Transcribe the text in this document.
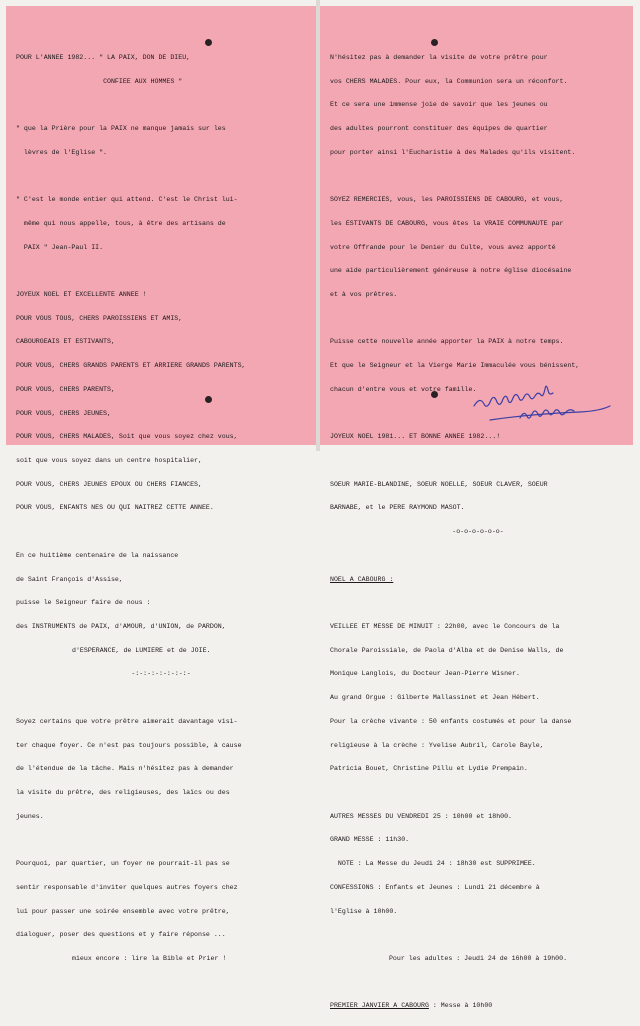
POUR L'ANNEE 1982... " LA PAIX, DON DE DIEU,

CONFIEE AUX HOMMES "

" que la Prière pour la PAIX ne manque jamais sur les

lèvres de l'Eglise ".

" C'est le monde entier qui attend. C'est le Christ lui-

même qui nous appelle, tous, à être des artisans de

PAIX " Jean-Paul II.

JOYEUX NOEL ET EXCELLENTE ANNEE !

POUR VOUS TOUS, CHERS PAROISSIENS ET AMIS,

CABOURGEAIS ET ESTIVANTS,

POUR VOUS, CHERS GRANDS PARENTS ET ARRIERE GRANDS PARENTS,

POUR VOUS, CHERS PARENTS,

POUR VOUS, CHERS JEUNES,

POUR VOUS, CHERS MALADES, Soit que vous soyez chez vous,

soit que vous soyez dans un centre hospitalier,

POUR VOUS, CHERS JEUNES EPOUX OU CHERS FIANCES,

POUR VOUS, ENFANTS NES OU QUI NAITREZ CETTE ANNEE.

En ce huitième centenaire de la naissance

de Saint François d'Assise,

puisse le Seigneur faire de nous :

des INSTRUMENTS de PAIX, d'AMOUR, d'UNION, de PARDON,

d'ESPERANCE, de LUMIERE et de JOIE.

-:-:-:-:-:-:-:-

Soyez certains que votre prêtre aimerait davantage visi-

ter chaque foyer. Ce n'est pas toujours possible, à cause

de l'étendue de la tâche. Mais n'hésitez pas à demander

la visite du prêtre, des religieuses, des laïcs ou des

jeunes.

Pourquoi, par quartier, un foyer ne pourrait-il pas se

sentir responsable d'inviter quelques autres foyers chez

lui pour passer une soirée ensemble avec votre prêtre,

dialoguer, poser des questions et y faire réponse ...

mieux encore : lire la Bible et Prier !

N'hésitez pas à demander la visite de votre prêtre pour

vos CHERS MALADES. Pour eux, la Communion sera un réconfort.

Et ce sera une immense joie de savoir que les jeunes ou

des adultes pourront constituer des équipes de quartier

pour porter ainsi l'Eucharistie à des Malades qu'ils visitent.

SOYEZ REMERCIES, vous, les PAROISSIENS DE CABOURG, et vous,

les ESTIVANTS DE CABOURG, vous êtes la VRAIE COMMUNAUTE par

votre Offrande pour le Denier du Culte, vous avez apporté

une aide particulièrement généreuse à notre église diocésaine

et à vos prêtres.

Puisse cette nouvelle année apporter la PAIX à notre temps.

Et que le Seigneur et la Vierge Marie Immaculée vous bénissent,

chacun d'entre vous et votre famille.

JOYEUX NOEL 1981... ET BONNE ANNEE 1982...!

SOEUR MARIE-BLANDINE, SOEUR NOELLE, SOEUR CLAVER, SOEUR

BARNABE, et le PERE RAYMOND MASOT.

-o-o-o-o-o-o-

NOEL A CABOURG :

VEILLEE ET MESSE DE MINUIT : 22h00, avec le Concours de la

Chorale Paroissiale, de Paola d'Alba et de Denise Walls, de

Monique Langlois, du Docteur Jean-Pierre Wisner.

Au grand Orgue : Gilberte Mallassinet et Jean Hébert.

Pour la crèche vivante : 50 enfants costumés et pour la danse

religieuse à la crèche : Yvelise Aubril, Carole Bayle,

Patricia Bouet, Christine Pillu et Lydie Prempain.

AUTRES MESSES DU VENDREDI 25 : 10h00 et 18h00.

GRAND MESSE : 11h30.

NOTE : La Messe du Jeudi 24 : 18h30 est SUPPRIMEE.

CONFESSIONS : Enfants et Jeunes : Lundi 21 décembre à

l'Eglise à 10h00.

Pour les adultes : Jeudi 24 de 16h00 à 19h00.

PREMIER JANVIER A CABOURG : Messe à 10h00
